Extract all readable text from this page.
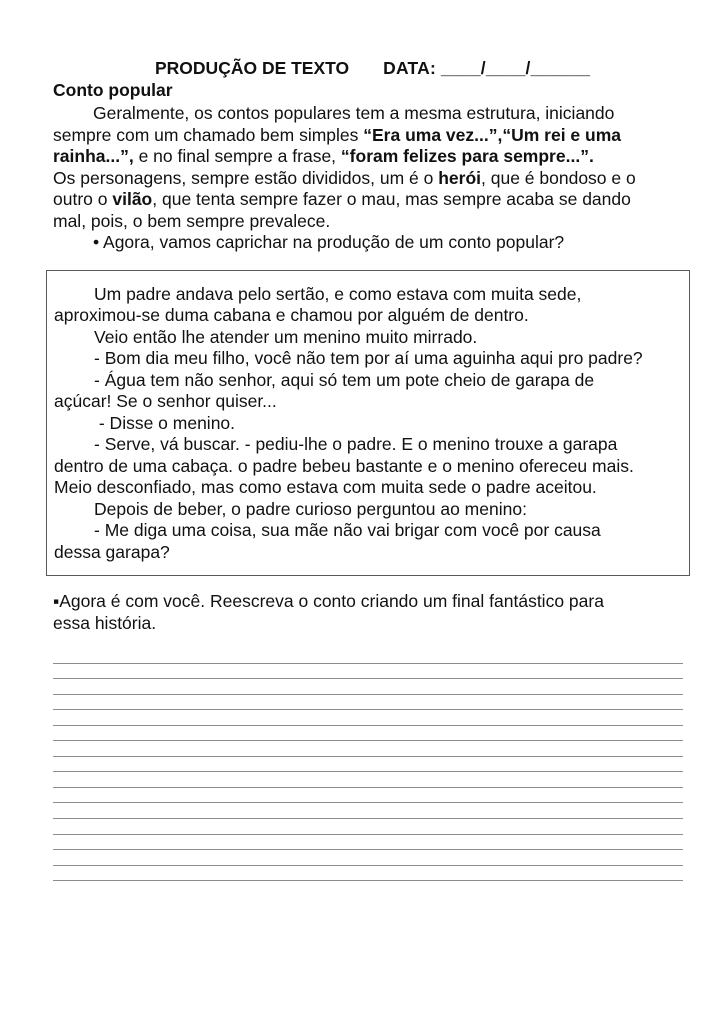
PRODUÇÃO DE TEXTO DATA: ____/____/______
Conto popular
Geralmente, os contos populares tem a mesma estrutura, iniciando
sempre com um chamado bem simples “Era uma vez...”,“Um rei e uma
rainha...”, e no final sempre a frase, “foram felizes para sempre...”.
Os personagens, sempre estão divididos, um é o herói, que é bondoso e o
outro o vilão, que tenta sempre fazer o mau, mas sempre acaba se dando
mal, pois, o bem sempre prevalece.
• Agora, vamos caprichar na produção de um conto popular?
Um padre andava pelo sertão, e como estava com muita sede,
aproximou-se duma cabana e chamou por alguém de dentro.
Veio então lhe atender um menino muito mirrado.
- Bom dia meu filho, você não tem por aí uma aguinha aqui pro padre?
- Água tem não senhor, aqui só tem um pote cheio de garapa de
açúcar! Se o senhor quiser...
- Disse o menino.
- Serve, vá buscar. - pediu-lhe o padre. E o menino trouxe a garapa
dentro de uma cabaça. o padre bebeu bastante e o menino ofereceu mais.
Meio desconfiado, mas como estava com muita sede o padre aceitou.
Depois de beber, o padre curioso perguntou ao menino:
- Me diga uma coisa, sua mãe não vai brigar com você por causa
dessa garapa?
▪Agora é com você. Reescreva o conto criando um final fantástico para
essa história.
